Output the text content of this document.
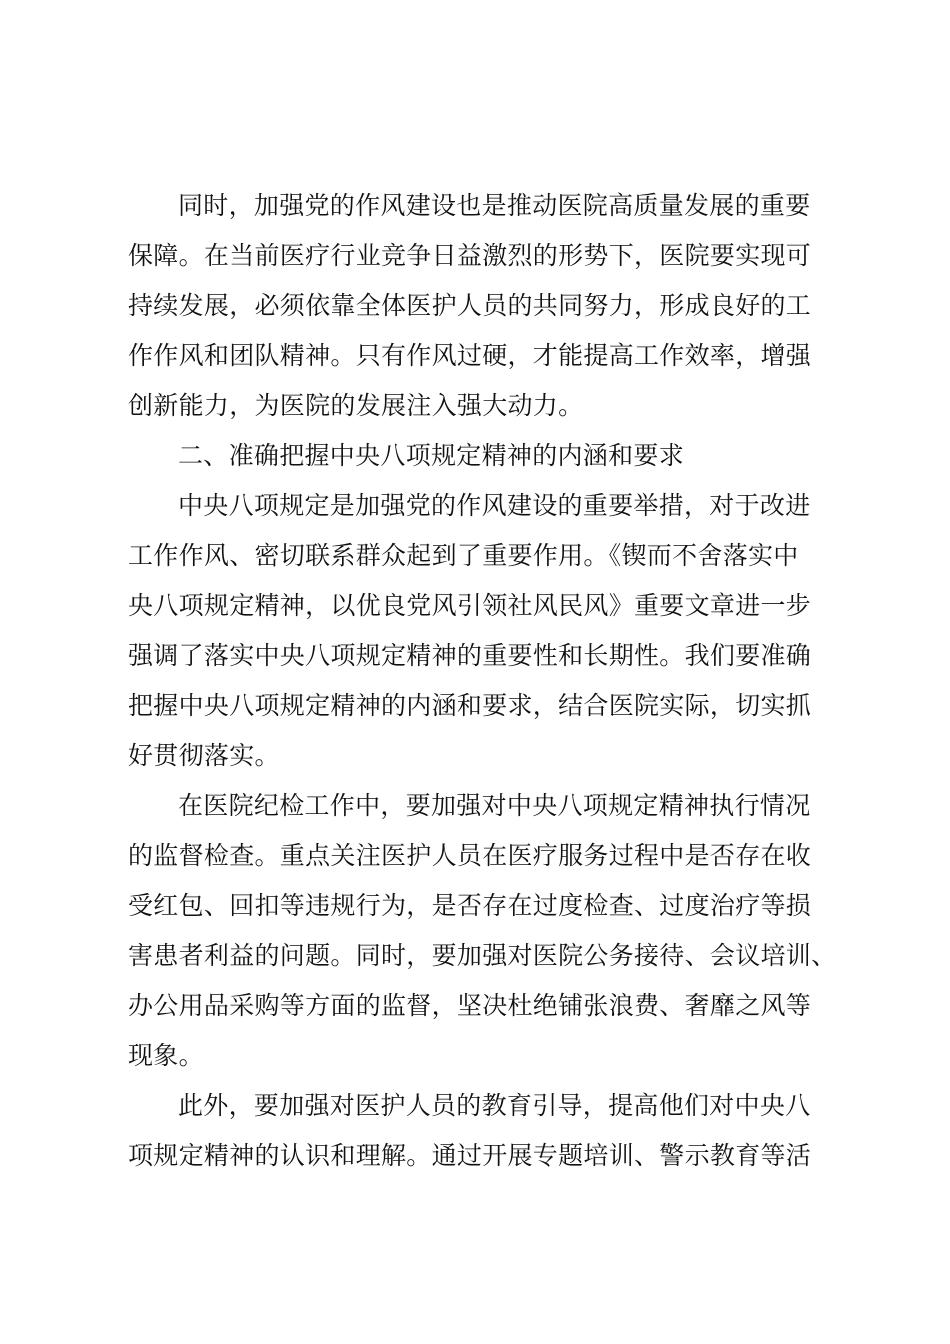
同时，加强党的作风建设也是推动医院高质量发展的重要
保障。在当前医疗行业竞争日益激烈的形势下，医院要实现可
持续发展，必须依靠全体医护人员的共同努力，形成良好的工
作作风和团队精神。只有作风过硬，才能提高工作效率，增强
创新能力，为医院的发展注入强大动力。
二、准确把握中央八项规定精神的内涵和要求
中央八项规定是加强党的作风建设的重要举措，对于改进
工作作风、密切联系群众起到了重要作用。《锲而不舍落实中
央八项规定精神，以优良党风引领社风民风》重要文章进一步
强调了落实中央八项规定精神的重要性和长期性。我们要准确
把握中央八项规定精神的内涵和要求，结合医院实际，切实抓
好贯彻落实。
在医院纪检工作中，要加强对中央八项规定精神执行情况
的监督检查。重点关注医护人员在医疗服务过程中是否存在收
受红包、回扣等违规行为，是否存在过度检查、过度治疗等损
害患者利益的问题。同时，要加强对医院公务接待、会议培训、
办公用品采购等方面的监督，坚决杜绝铺张浪费、奢靡之风等
现象。
此外，要加强对医护人员的教育引导，提高他们对中央八
项规定精神的认识和理解。通过开展专题培训、警示教育等活
